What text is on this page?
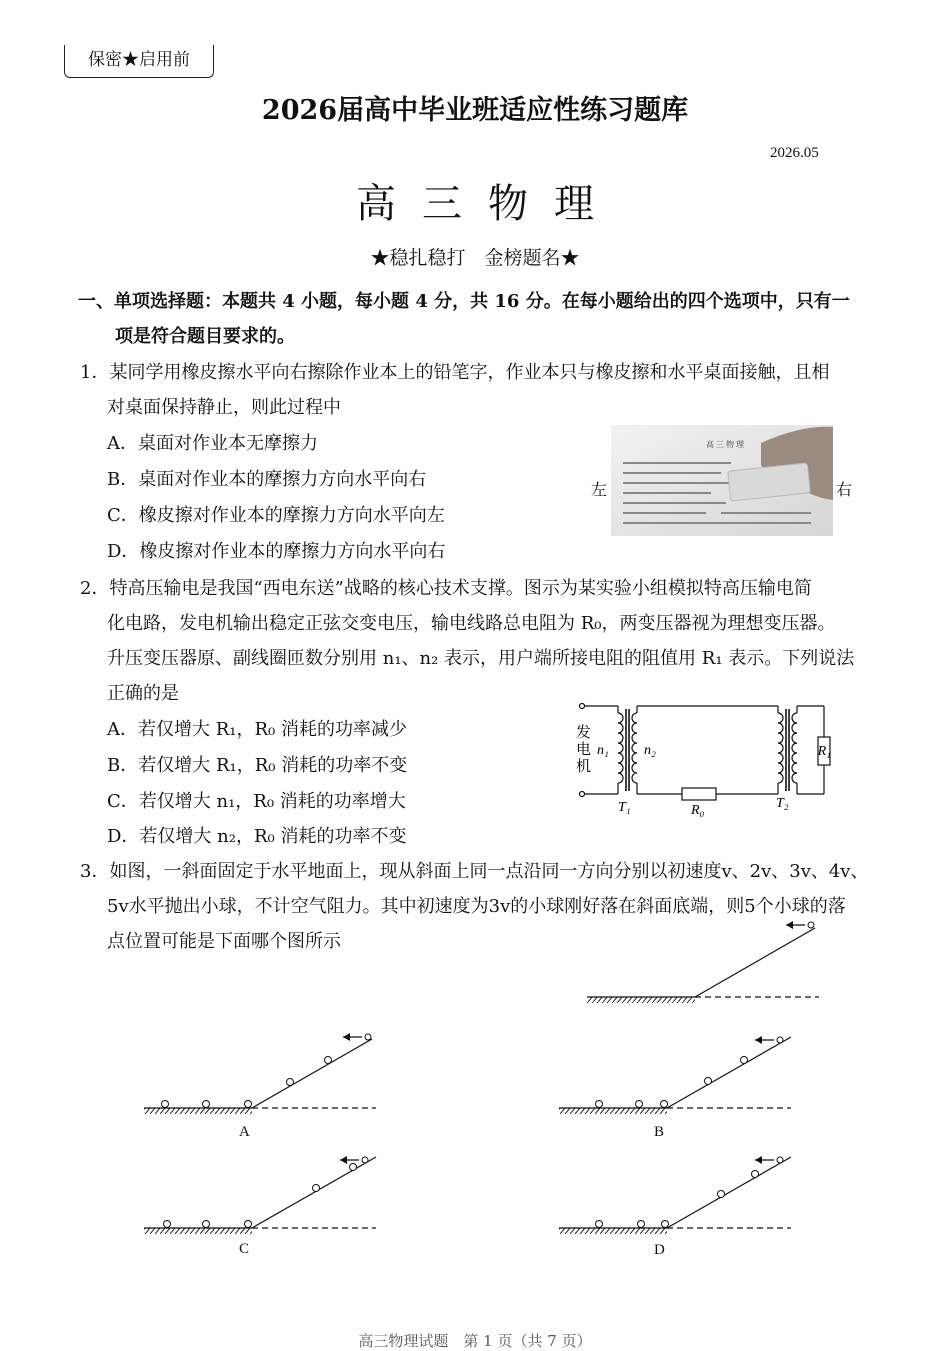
保密★启用前
2026届高中毕业班适应性练习题库
2026.05
高三物理
★稳扎稳打　金榜题名★
一、单项选择题：本题共 4 小题，每小题 4 分，共 16 分。在每小题给出的四个选项中，只有一
项是符合题目要求的。
1．某同学用橡皮擦水平向右擦除作业本上的铅笔字，作业本只与橡皮擦和水平桌面接触，且相
对桌面保持静止，则此过程中
A．桌面对作业本无摩擦力
B．桌面对作业本的摩擦力方向水平向右
C．橡皮擦对作业本的摩擦力方向水平向左
D．橡皮擦对作业本的摩擦力方向水平向右
左	右
高 三 物 理
2．特高压输电是我国“西电东送”战略的核心技术支撑。图示为某实验小组模拟特高压输电简
化电路，发电机输出稳定正弦交变电压，输电线路总电阻为 R₀，两变压器视为理想变压器。
升压变压器原、副线圈匝数分别用 n₁、n₂ 表示，用户端所接电阻的阻值用 R₁ 表示。下列说法
正确的是
A．若仅增大 R₁，R₀ 消耗的功率减少
B．若仅增大 R₁，R₀ 消耗的功率不变
C．若仅增大 n₁，R₀ 消耗的功率增大
D．若仅增大 n₂，R₀ 消耗的功率不变
发
电
机
n₁	n₂
T₁	T₂
R₀
R₁
3．如图，一斜面固定于水平地面上，现从斜面上同一点沿同一方向分别以初速度v、2v、3v、4v、
5v水平抛出小球，不计空气阻力。其中初速度为3v的小球刚好落在斜面底端，则5个小球的落
点位置可能是下面哪个图所示
A	B
C	D
高三物理试题　第 1 页（共 7 页）
